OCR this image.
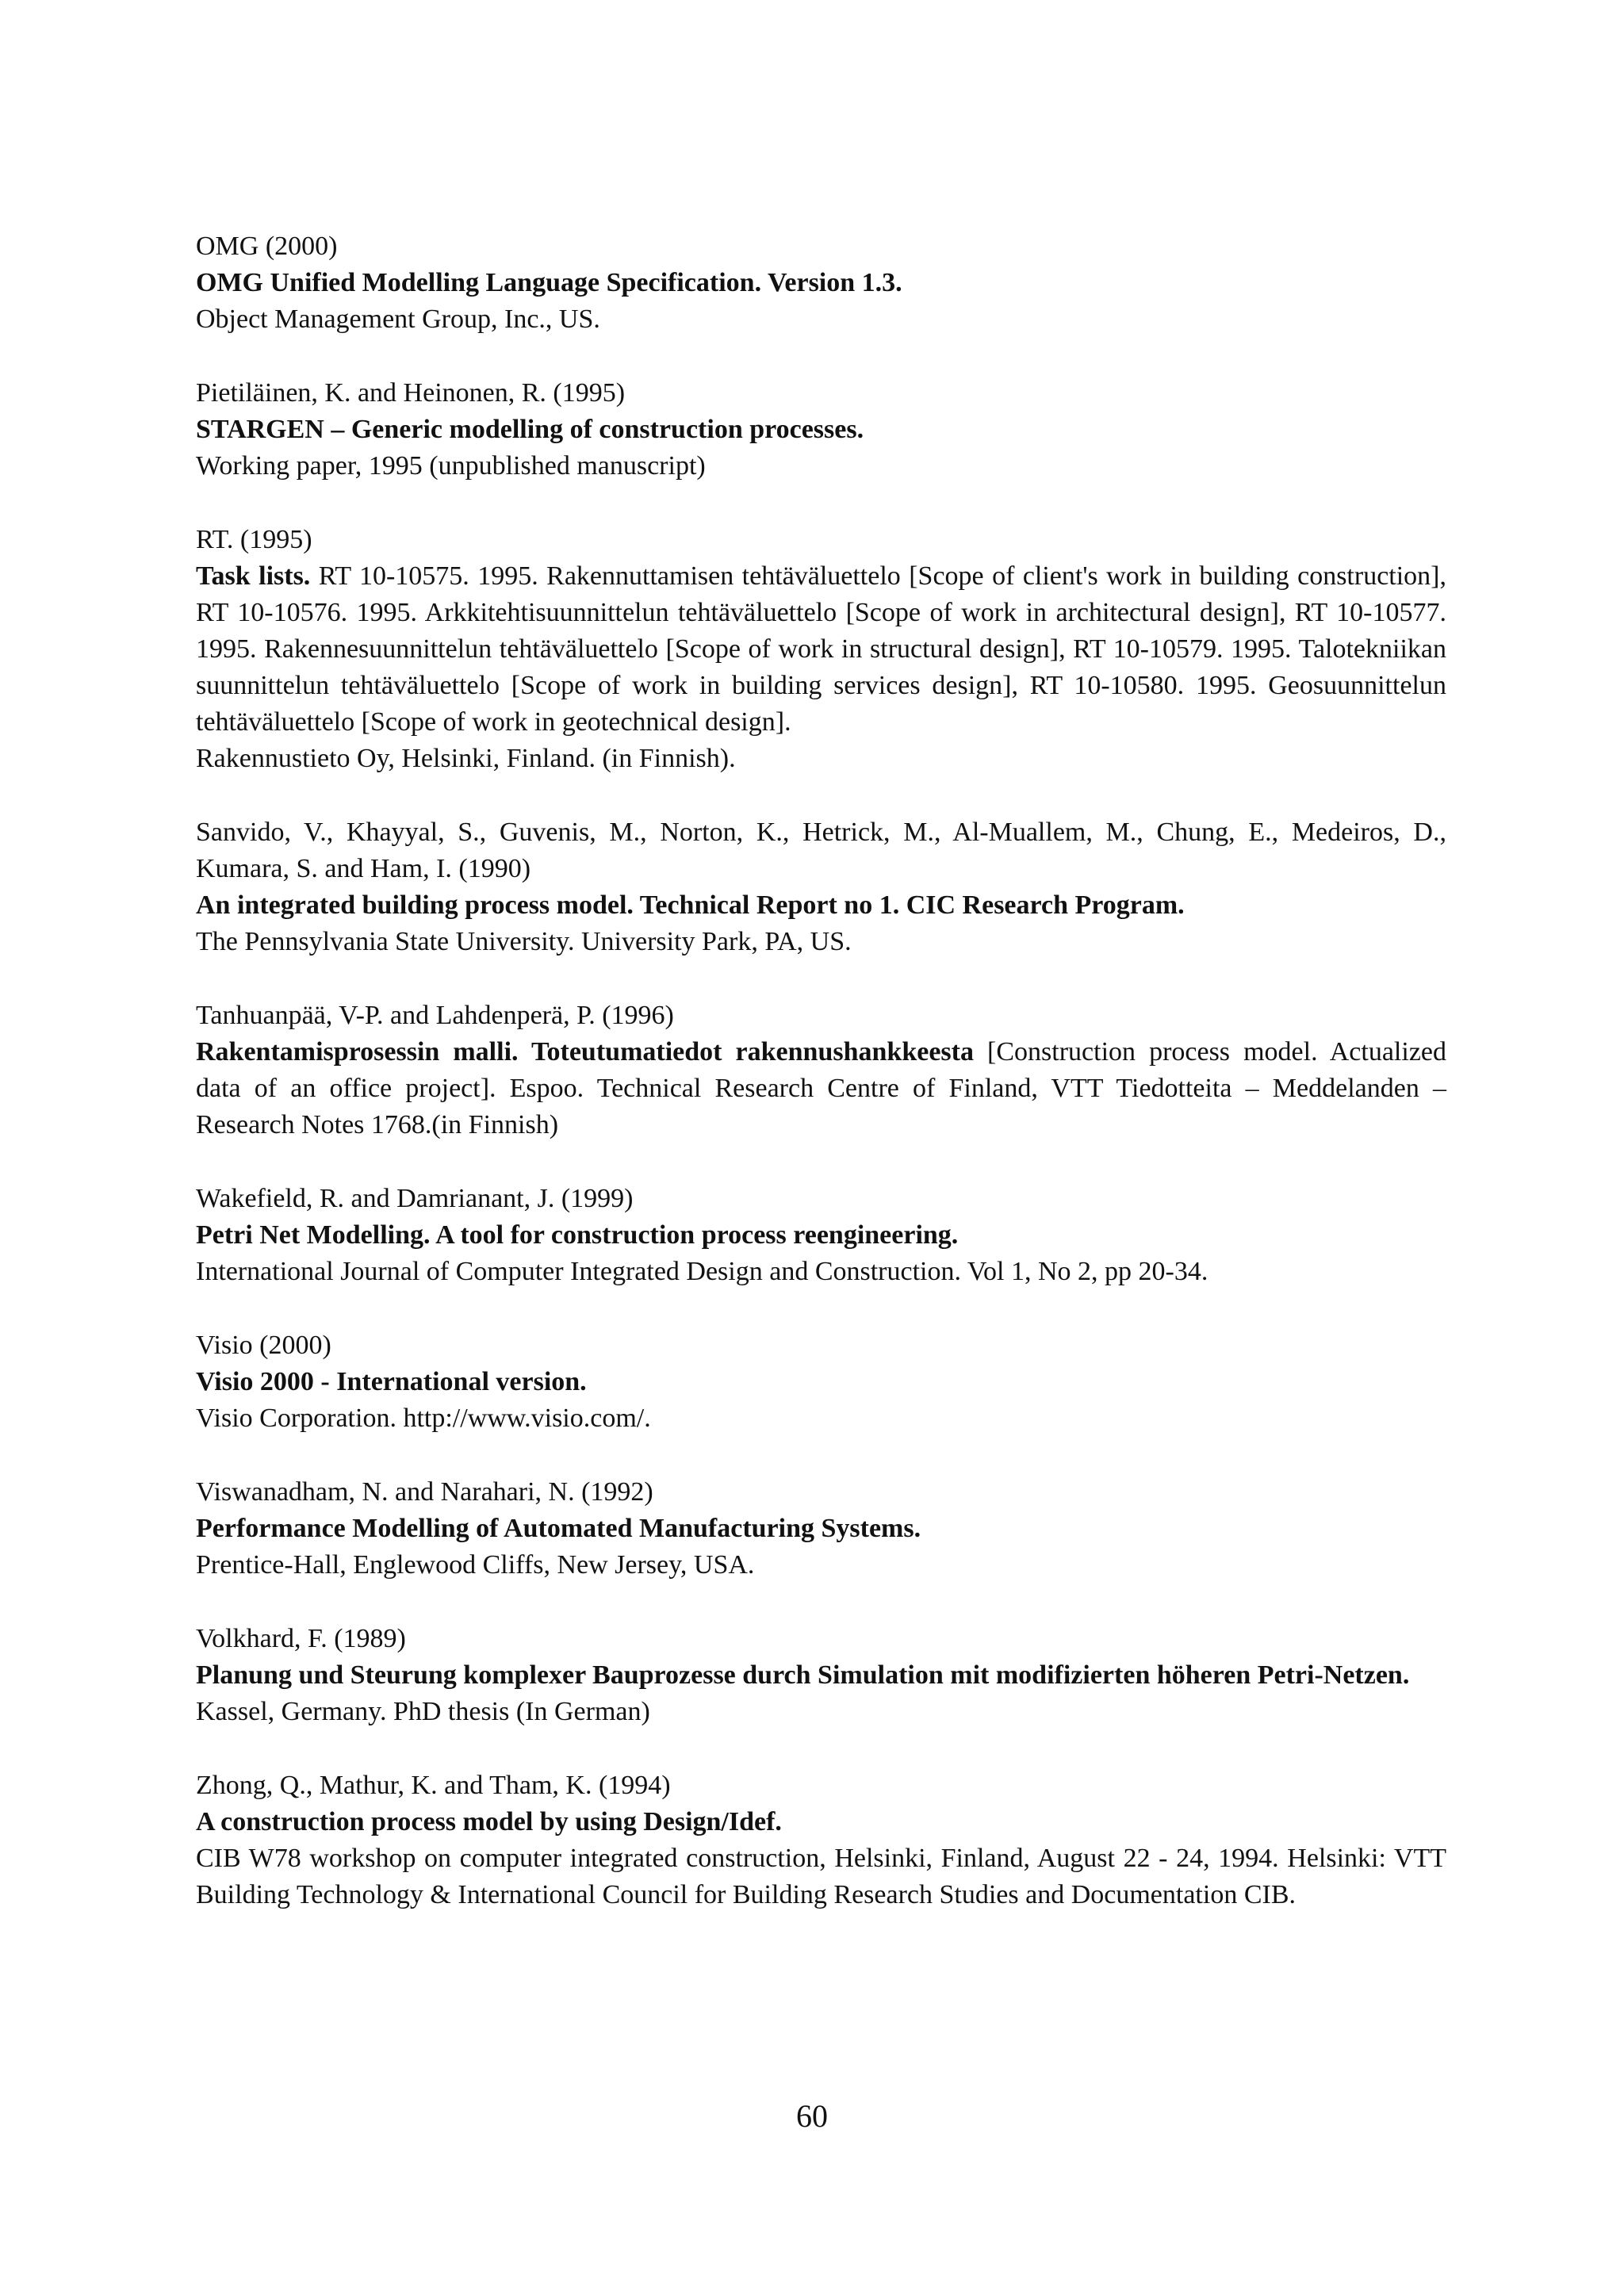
OMG (2000)

OMG Unified Modelling Language Specification. Version 1.3.

Object Management Group, Inc., US.

Pietiläinen, K. and Heinonen, R. (1995)

STARGEN – Generic modelling of construction processes.

Working paper, 1995 (unpublished manuscript)

RT. (1995)

Task lists. RT 10-10575. 1995. Rakennuttamisen tehtäväluettelo [Scope of client's work in building construction], RT 10-10576. 1995. Arkkitehtisuunnittelun tehtäväluettelo [Scope of work in architectural design], RT 10-10577. 1995. Rakennesuunnittelun tehtäväluettelo [Scope of work in structural design], RT 10-10579. 1995. Talotekniikan suunnittelun tehtäväluettelo [Scope of work in building services design], RT 10-10580. 1995. Geosuunnittelun tehtäväluettelo [Scope of work in geotechnical design].

Rakennustieto Oy, Helsinki, Finland. (in Finnish).

Sanvido, V., Khayyal, S., Guvenis, M., Norton, K., Hetrick, M., Al-Muallem, M., Chung, E., Medeiros, D., Kumara, S. and Ham, I. (1990)

An integrated building process model. Technical Report no 1. CIC Research Program.

The Pennsylvania State University. University Park, PA, US.

Tanhuanpää, V-P. and Lahdenperä, P. (1996)

Rakentamisprosessin malli. Toteutumatiedot rakennushankkeesta [Construction process model. Actualized data of an office project]. Espoo. Technical Research Centre of Finland, VTT Tiedotteita – Meddelanden – Research Notes 1768.(in Finnish)

Wakefield, R. and Damrianant, J. (1999)

Petri Net Modelling. A tool for construction process reengineering.

International Journal of Computer Integrated Design and Construction. Vol 1, No 2, pp 20-34.

Visio (2000)

Visio 2000 - International version.

Visio Corporation. http://www.visio.com/.

Viswanadham, N. and Narahari, N. (1992)

Performance Modelling of Automated Manufacturing Systems.

Prentice-Hall, Englewood Cliffs, New Jersey, USA.

Volkhard, F. (1989)

Planung und Steurung komplexer Bauprozesse durch Simulation mit modifizierten höheren Petri-Netzen.

Kassel, Germany. PhD thesis (In German)

Zhong, Q., Mathur, K. and Tham, K. (1994)

A construction process model by using Design/Idef.

CIB W78 workshop on computer integrated construction, Helsinki, Finland, August 22 - 24, 1994. Helsinki: VTT Building Technology & International Council for Building Research Studies and Documentation CIB.

60
